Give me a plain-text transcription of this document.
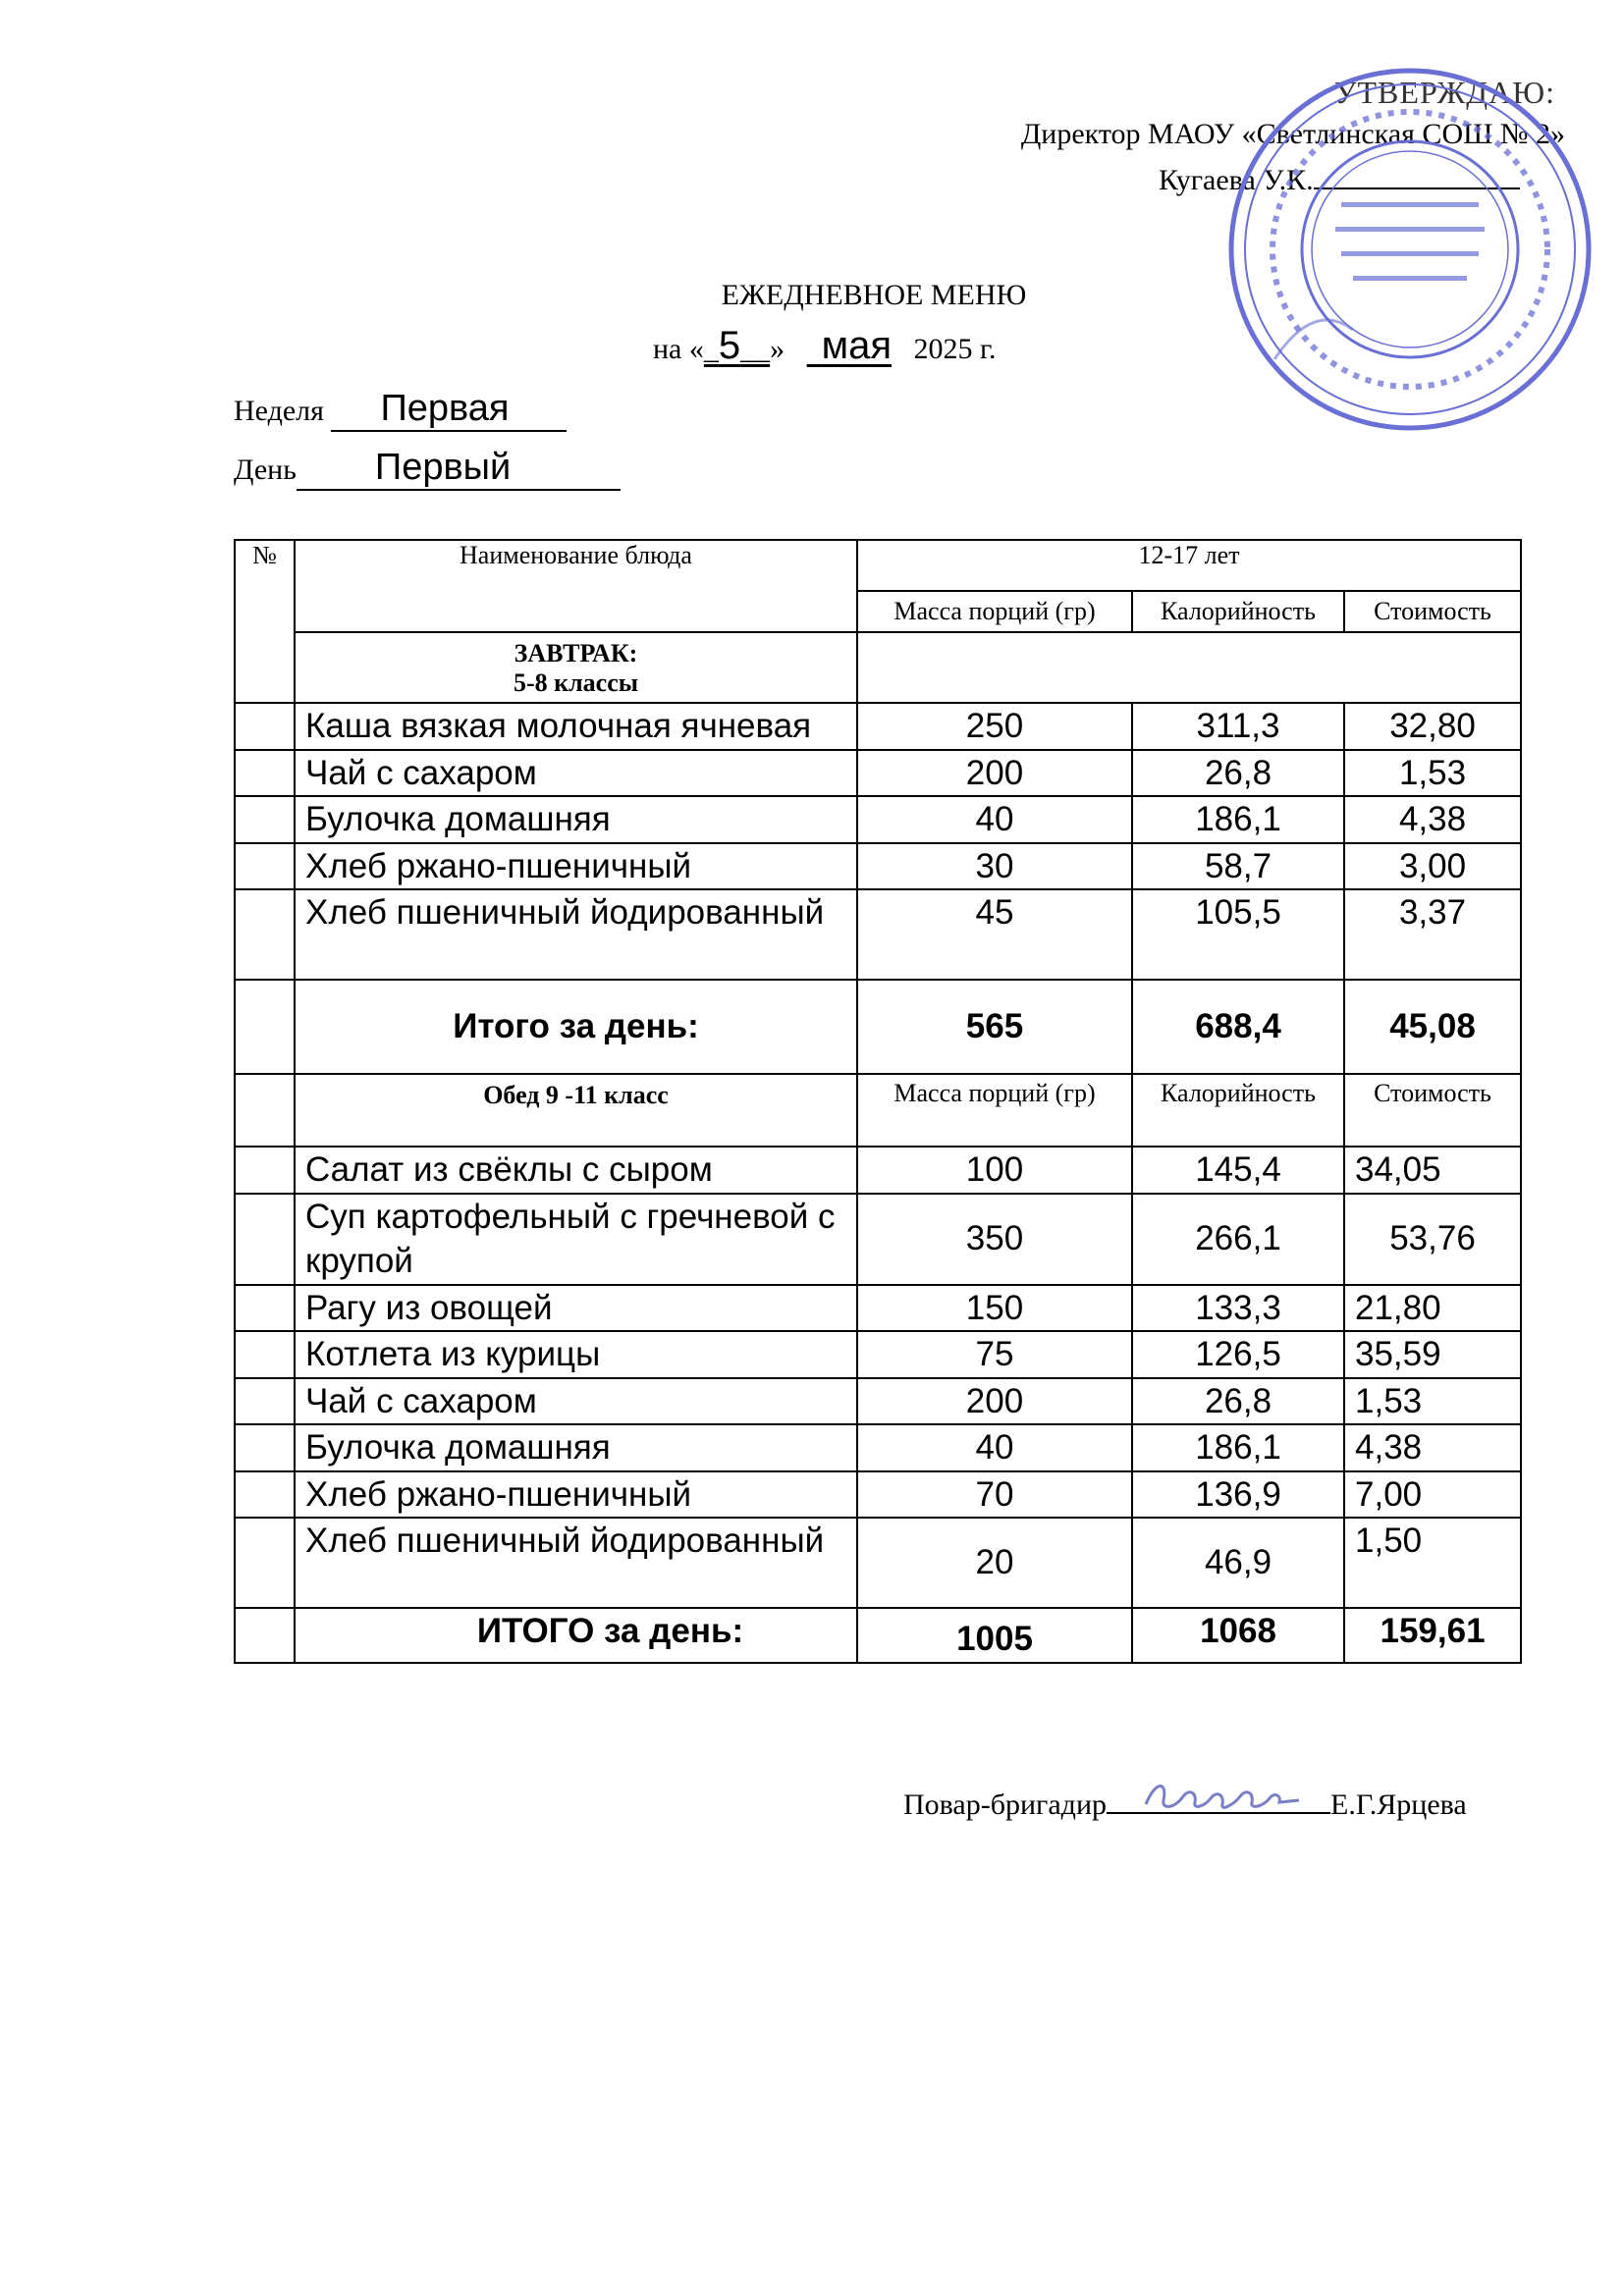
УТВЕРЖДАЮ:
Директор МАОУ «Светлинская СОШ № 2»
Кугаева У.К.
ЕЖЕДНЕВНОЕ МЕНЮ
на «_5__» мая 2025 г.
Неделя Первая
День Первый
№	Наименование блюда	12-17 лет		
		Масса порций (гр)	Калорийность	Стоимость

	ЗАВТРАК:
5-8 классы			

	Каша вязкая молочная ячневая	250	311,3	32,80
	Чай с сахаром	200	26,8	1,53
	Булочка домашняя	40	186,1	4,38
	Хлеб ржано-пшеничный	30	58,7	3,00
	Хлеб пшеничный йодированный	45	105,5	3,37
	Итого за день:	565	688,4	45,08
	Обед 9 -11 класс	Масса порций (гр)	Калорийность	Стоимость
	Салат из свёклы с сыром	100	145,4	34,05
	Суп картофельный с гречневой с крупой	350	266,1	53,76
	Рагу из овощей	150	133,3	21,80
	Котлета из курицы	75	126,5	35,59
	Чай с сахаром	200	26,8	1,53
	Булочка домашняя	40	186,1	4,38
	Хлеб ржано-пшеничный	70	136,9	7,00
	Хлеб пшеничный йодированный	20	46,9	1,50
	ИТОГО за день:	1005	1068	159,61
Повар-бригадир	Е.Г.Ярцева
